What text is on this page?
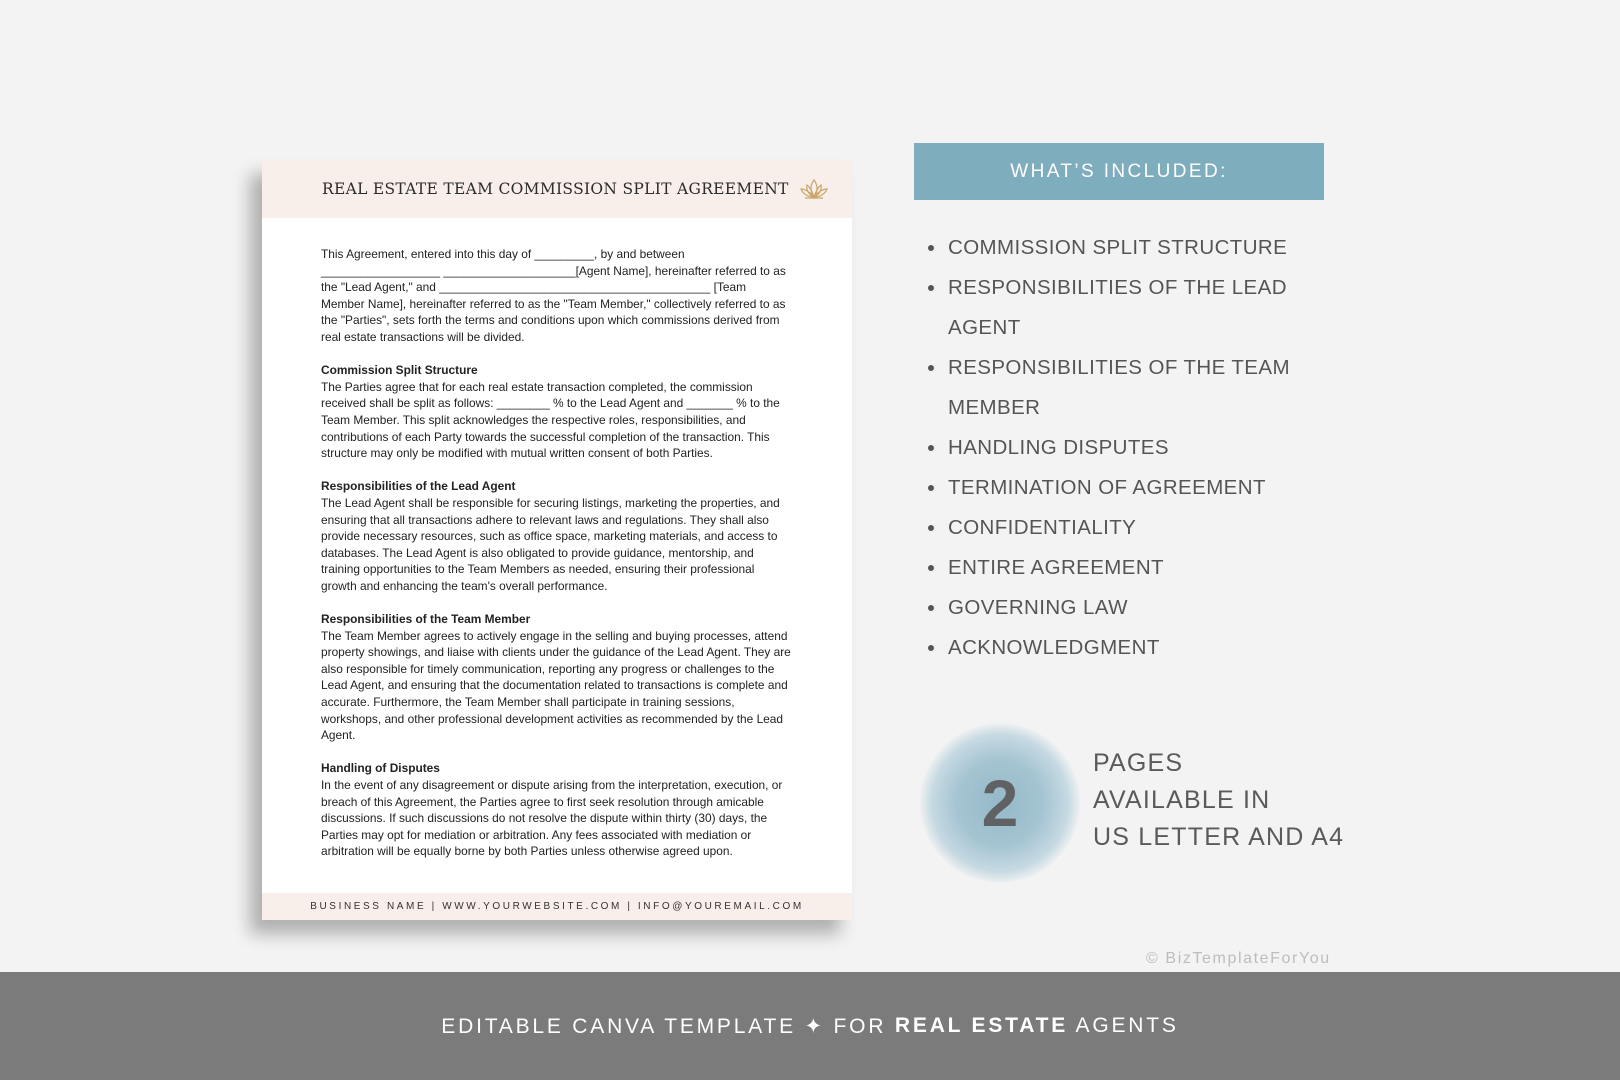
REAL ESTATE TEAM COMMISSION SPLIT AGREEMENT

This Agreement, entered into this day of _________, by and between __________________ ____________________[Agent Name], hereinafter referred to as the "Lead Agent," and _________________________________________ [Team Member Name], hereinafter referred to as the "Team Member," collectively referred to as the "Parties", sets forth the terms and conditions upon which commissions derived from real estate transactions will be divided.

Commission Split Structure
The Parties agree that for each real estate transaction completed, the commission received shall be split as follows: ________ % to the Lead Agent and _______ % to the Team Member. This split acknowledges the respective roles, responsibilities, and contributions of each Party towards the successful completion of the transaction. This structure may only be modified with mutual written consent of both Parties.

Responsibilities of the Lead Agent
The Lead Agent shall be responsible for securing listings, marketing the properties, and ensuring that all transactions adhere to relevant laws and regulations. They shall also provide necessary resources, such as office space, marketing materials, and access to databases. The Lead Agent is also obligated to provide guidance, mentorship, and training opportunities to the Team Members as needed, ensuring their professional growth and enhancing the team's overall performance.

Responsibilities of the Team Member
The Team Member agrees to actively engage in the selling and buying processes, attend property showings, and liaise with clients under the guidance of the Lead Agent. They are also responsible for timely communication, reporting any progress or challenges to the Lead Agent, and ensuring that the documentation related to transactions is complete and accurate. Furthermore, the Team Member shall participate in training sessions, workshops, and other professional development activities as recommended by the Lead Agent.

Handling of Disputes
In the event of any disagreement or dispute arising from the interpretation, execution, or breach of this Agreement, the Parties agree to first seek resolution through amicable discussions. If such discussions do not resolve the dispute within thirty (30) days, the Parties may opt for mediation or arbitration. Any fees associated with mediation or arbitration will be equally borne by both Parties unless otherwise agreed upon.

BUSINESS NAME | WWW.YOURWEBSITE.COM | INFO@YOUREMAIL.COM
WHAT’S INCLUDED:
COMMISSION SPLIT STRUCTURE
RESPONSIBILITIES OF THE LEAD AGENT
RESPONSIBILITIES OF THE TEAM MEMBER
HANDLING DISPUTES
TERMINATION OF AGREEMENT
CONFIDENTIALITY
ENTIRE AGREEMENT
GOVERNING LAW
ACKNOWLEDGMENT
2
PAGES
AVAILABLE IN
US LETTER AND A4
© BizTemplateForYou
EDITABLE CANVA TEMPLATE ✦ FOR REAL ESTATE AGENTS
